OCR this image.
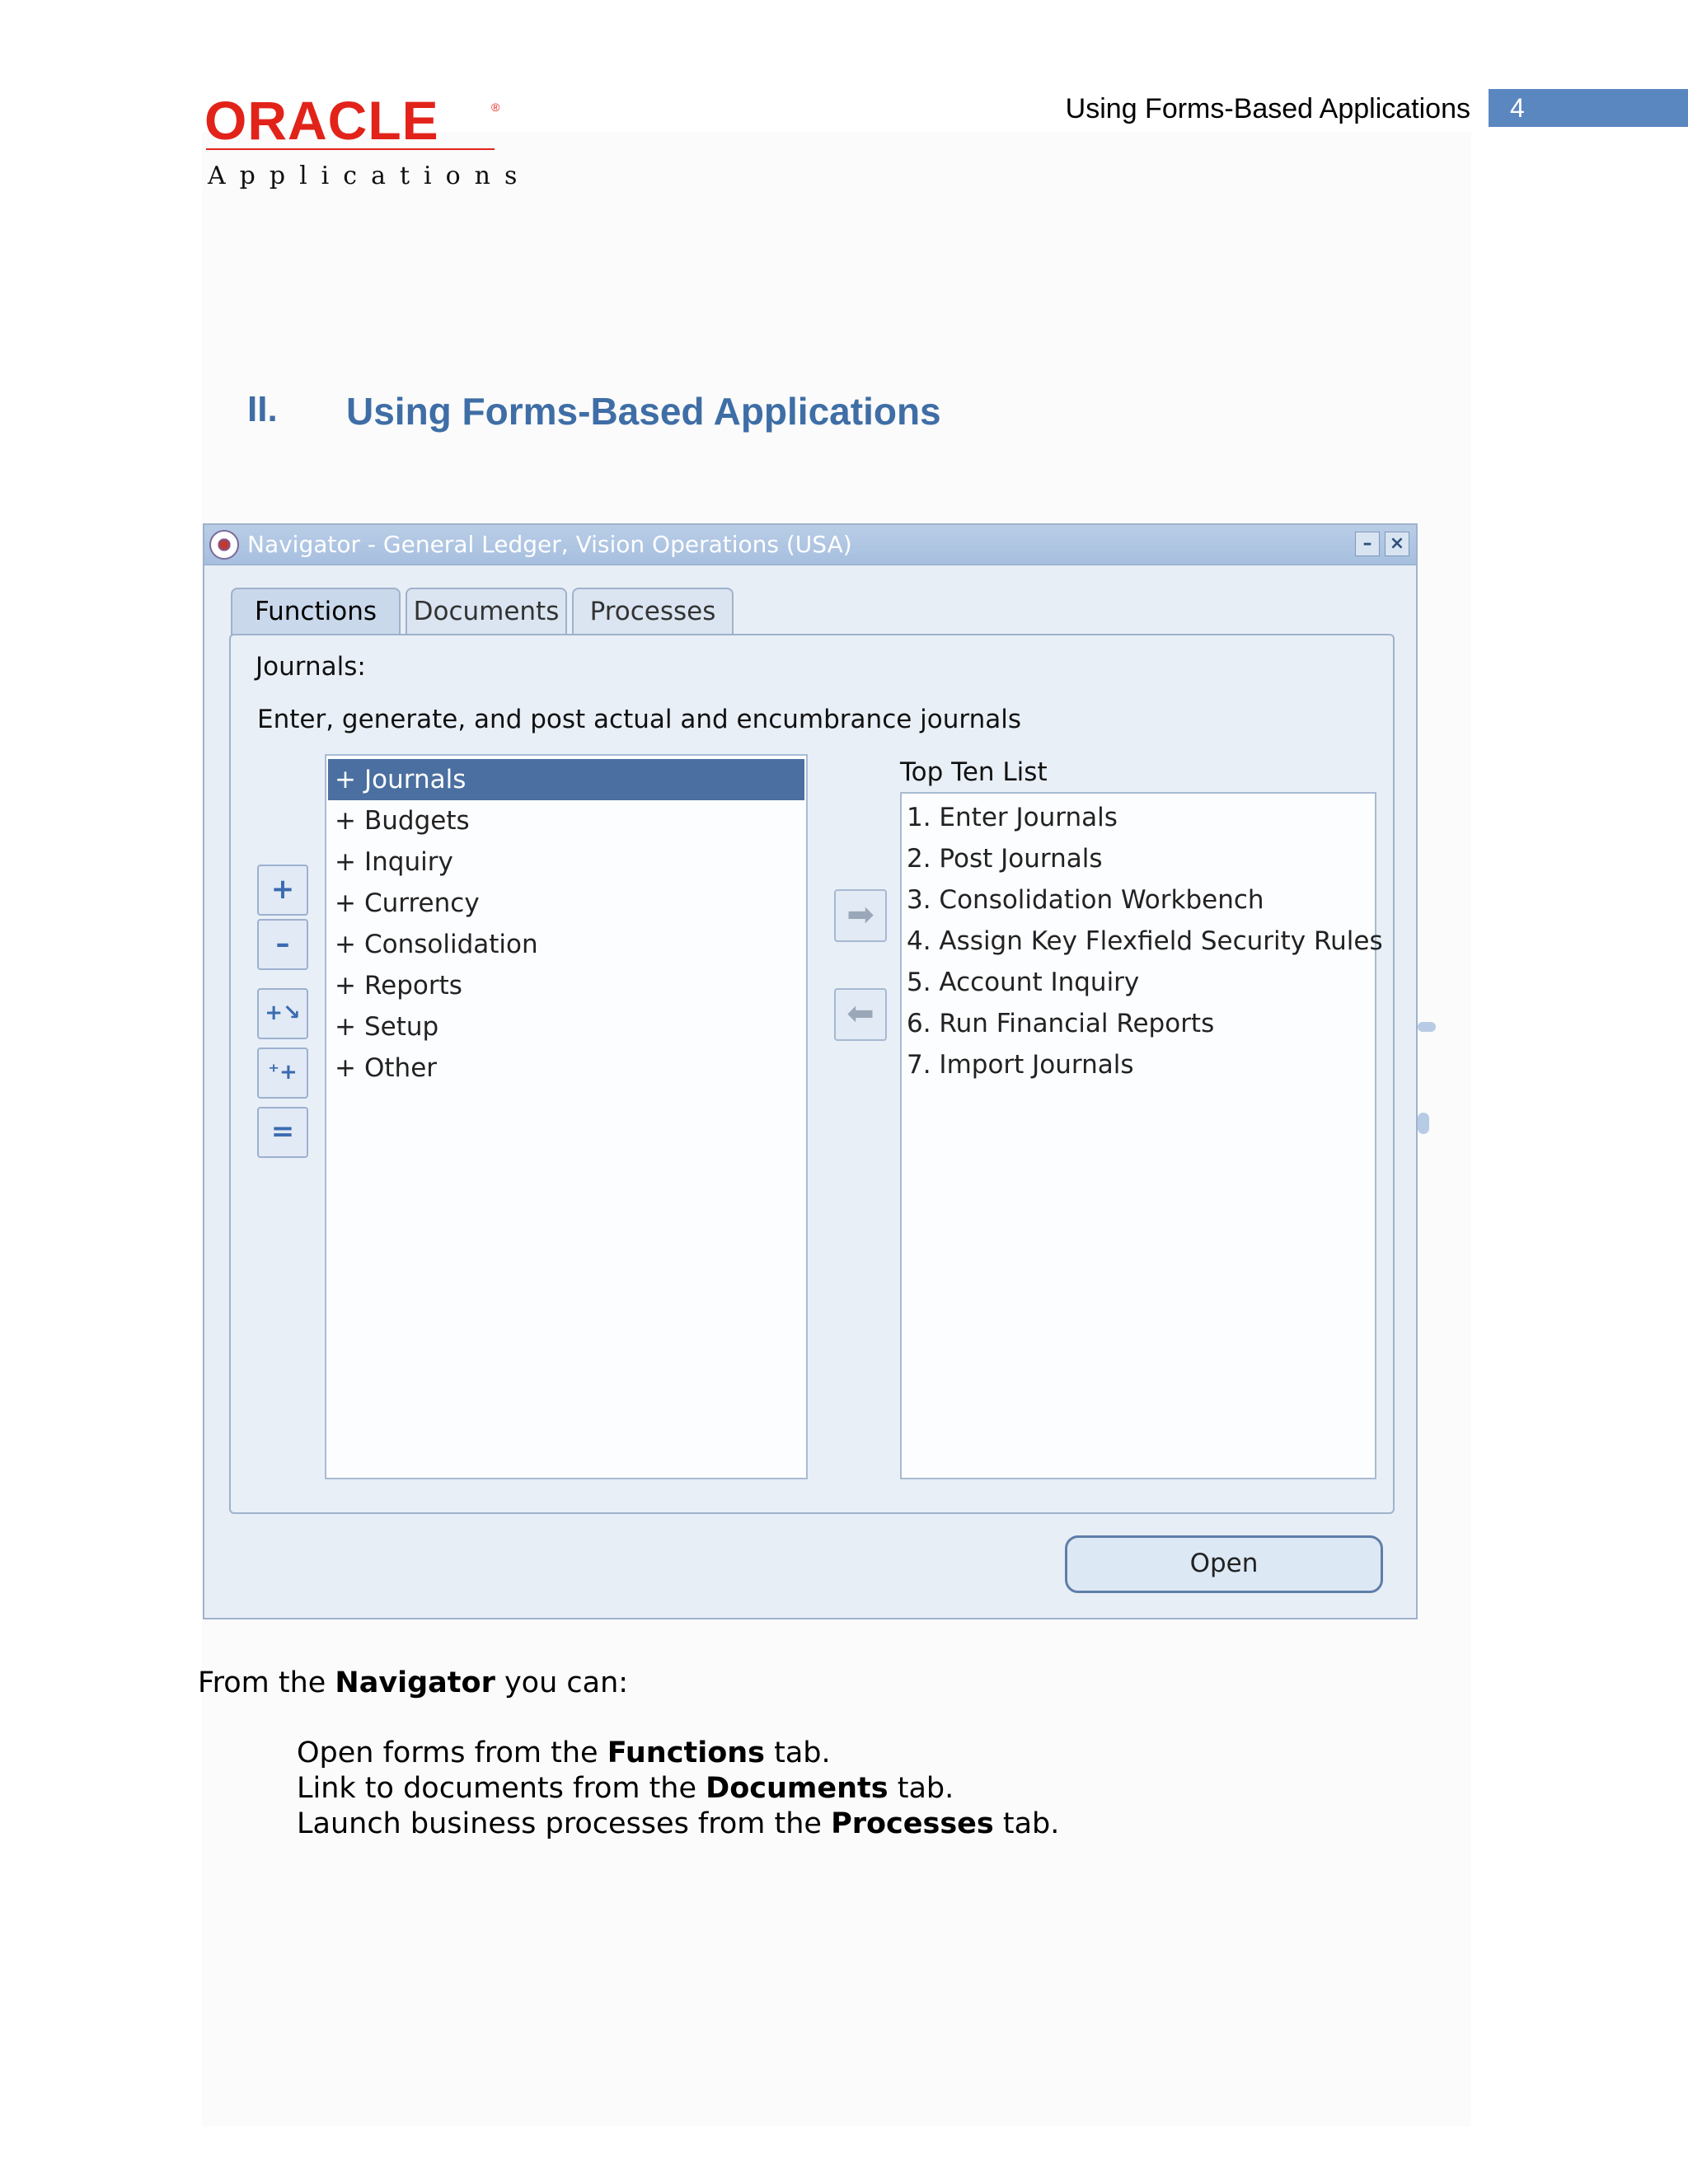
ORACLE	®
Applications
Using Forms-Based Applications 4
II. Using Forms-Based Applications
Navigator - General Ledger, Vision Operations (USA)	– ×
Functions	Documents	Processes
Journals:
Enter, generate, and post actual and encumbrance journals
+
–
+↘
⁺+
=
+ Journals
+ Budgets
+ Inquiry
+ Currency
+ Consolidation
+ Reports
+ Setup
+ Other
➡
⬅
Top Ten List
1. Enter Journals
2. Post Journals
3. Consolidation Workbench
4. Assign Key Flexfield Security Rules
5. Account Inquiry
6. Run Financial Reports
7. Import Journals
Open
From the Navigator you can:
Open forms from the Functions tab.
Link to documents from the Documents tab.
Launch business processes from the Processes tab.
